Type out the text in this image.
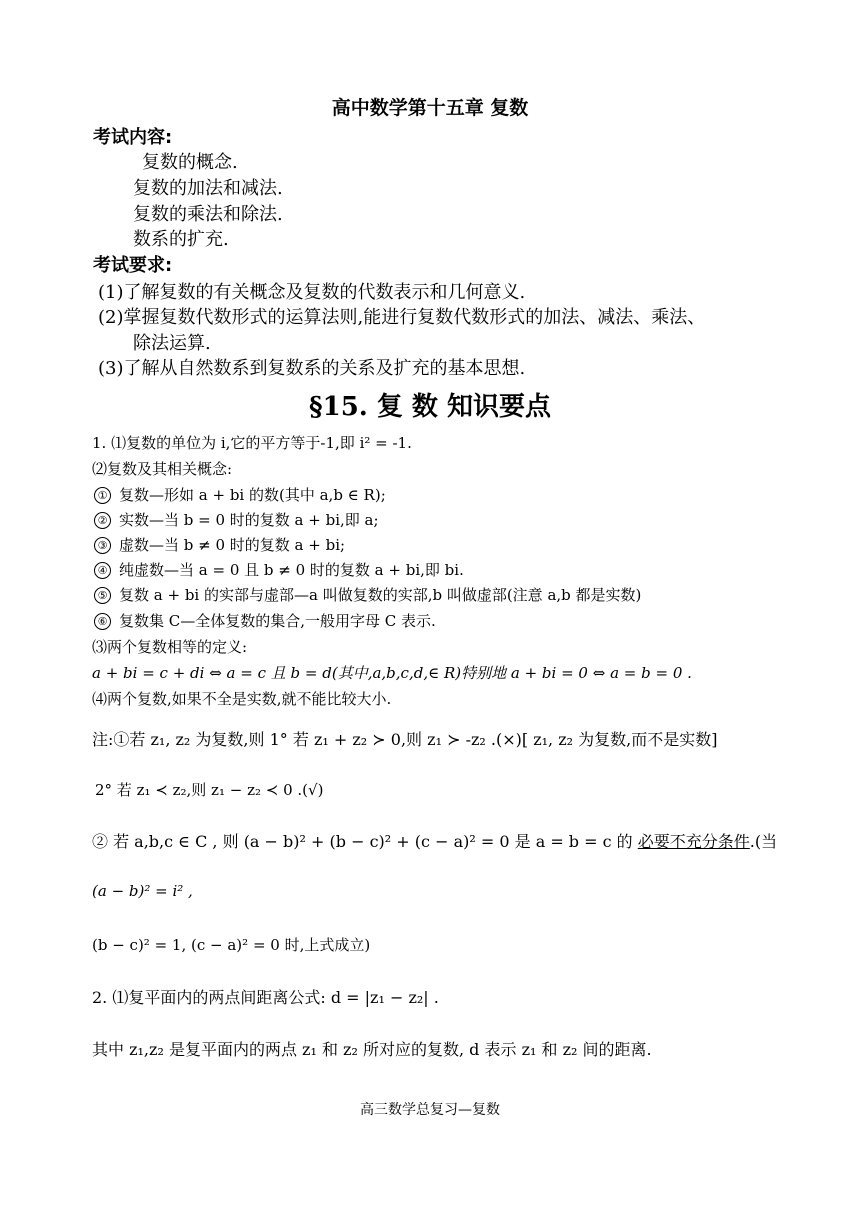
高中数学第十五章 复数
考试内容:
复数的概念.
复数的加法和减法.
复数的乘法和除法.
数系的扩充.
考试要求:
(1)了解复数的有关概念及复数的代数表示和几何意义.
(2)掌握复数代数形式的运算法则,能进行复数代数形式的加法、减法、乘法、
除法运算.
(3)了解从自然数系到复数系的关系及扩充的基本思想.
§15. 复 数 知识要点
1. ⑴复数的单位为 i,它的平方等于-1,即 i² = -1.
⑵复数及其相关概念:
① 复数—形如 a + bi 的数(其中 a,b ∈ R);
② 实数—当 b = 0 时的复数 a + bi,即 a;
③ 虚数—当 b ≠ 0 时的复数 a + bi;
④ 纯虚数—当 a = 0 且 b ≠ 0 时的复数 a + bi,即 bi.
⑤ 复数 a + bi 的实部与虚部—a 叫做复数的实部,b 叫做虚部(注意 a,b 都是实数)
⑥ 复数集 C—全体复数的集合,一般用字母 C 表示.
⑶两个复数相等的定义:
a + bi = c + di ⇔ a = c 且 b = d(其中,a,b,c,d,∈ R)特别地 a + bi = 0 ⇔ a = b = 0 .
⑷两个复数,如果不全是实数,就不能比较大小.
注:①若 z₁, z₂ 为复数,则 1° 若 z₁ + z₂ ≻ 0,则 z₁ ≻ -z₂ .(×)[ z₁, z₂ 为复数,而不是实数]
2° 若 z₁ ≺ z₂,则 z₁ − z₂ ≺ 0 .(√)
② 若 a,b,c ∈ C , 则 (a − b)² + (b − c)² + (c − a)² = 0 是 a = b = c 的 必要不充分条件.(当
(a − b)² = i² ,
(b − c)² = 1, (c − a)² = 0 时,上式成立)
2. ⑴复平面内的两点间距离公式: d = |z₁ − z₂| .
其中 z₁,z₂ 是复平面内的两点 z₁ 和 z₂ 所对应的复数, d 表示 z₁ 和 z₂ 间的距离.
高三数学总复习—复数
